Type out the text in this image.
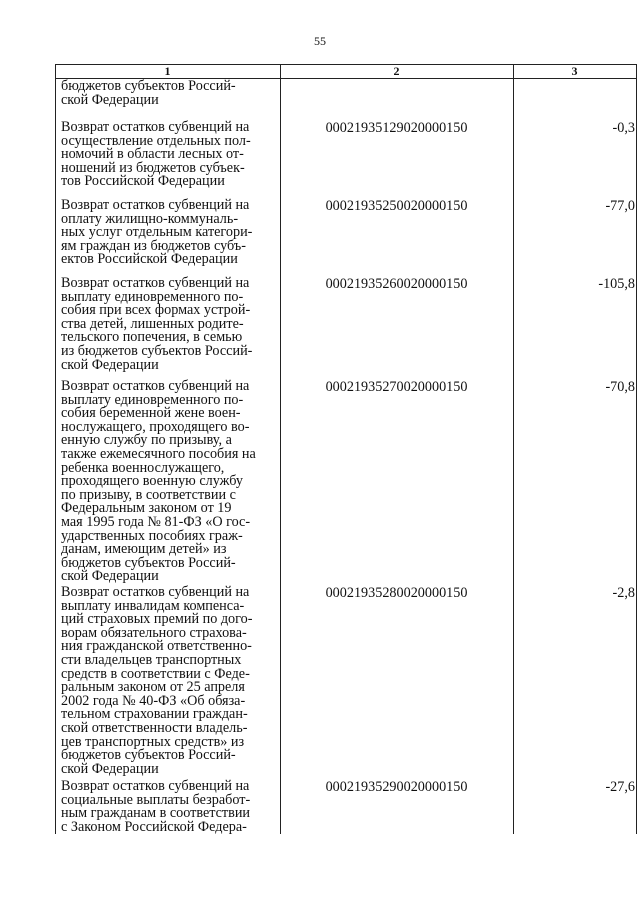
55
1	2	3
бюджетов субъектов Россий-
ской Федерации
Возврат остатков субвенций на
осуществление отдельных пол-
номочий в области лесных от-
ношений из бюджетов субъек-
тов Российской Федерации
00021935129020000150	-0,3
Возврат остатков субвенций на
оплату жилищно-коммуналь-
ных услуг отдельным категори-
ям граждан из бюджетов субъ-
ектов Российской Федерации
00021935250020000150	-77,0
Возврат остатков субвенций на
выплату единовременного по-
собия при всех формах устрой-
ства детей, лишенных родите-
тельского попечения, в семью
из бюджетов субъектов Россий-
ской Федерации
00021935260020000150	-105,8
Возврат остатков субвенций на
выплату единовременного по-
собия беременной жене воен-
нослужащего, проходящего во-
енную службу по призыву, а
также ежемесячного пособия на
ребенка военнослужащего,
проходящего военную службу
по призыву, в соответствии с
Федеральным законом от 19
мая 1995 года № 81-ФЗ «О гос-
ударственных пособиях граж-
данам, имеющим детей» из
бюджетов субъектов Россий-
ской Федерации
00021935270020000150	-70,8
Возврат остатков субвенций на
выплату инвалидам компенса-
ций страховых премий по дого-
ворам обязательного страхова-
ния гражданской ответственно-
сти владельцев транспортных
средств в соответствии с Феде-
ральным законом от 25 апреля
2002 года № 40-ФЗ «Об обяза-
тельном страховании граждан-
ской ответственности владель-
цев транспортных средств» из
бюджетов субъектов Россий-
ской Федерации
00021935280020000150	-2,8
Возврат остатков субвенций на
социальные выплаты безработ-
ным гражданам в соответствии
с Законом Российской Федера-
00021935290020000150	-27,6
